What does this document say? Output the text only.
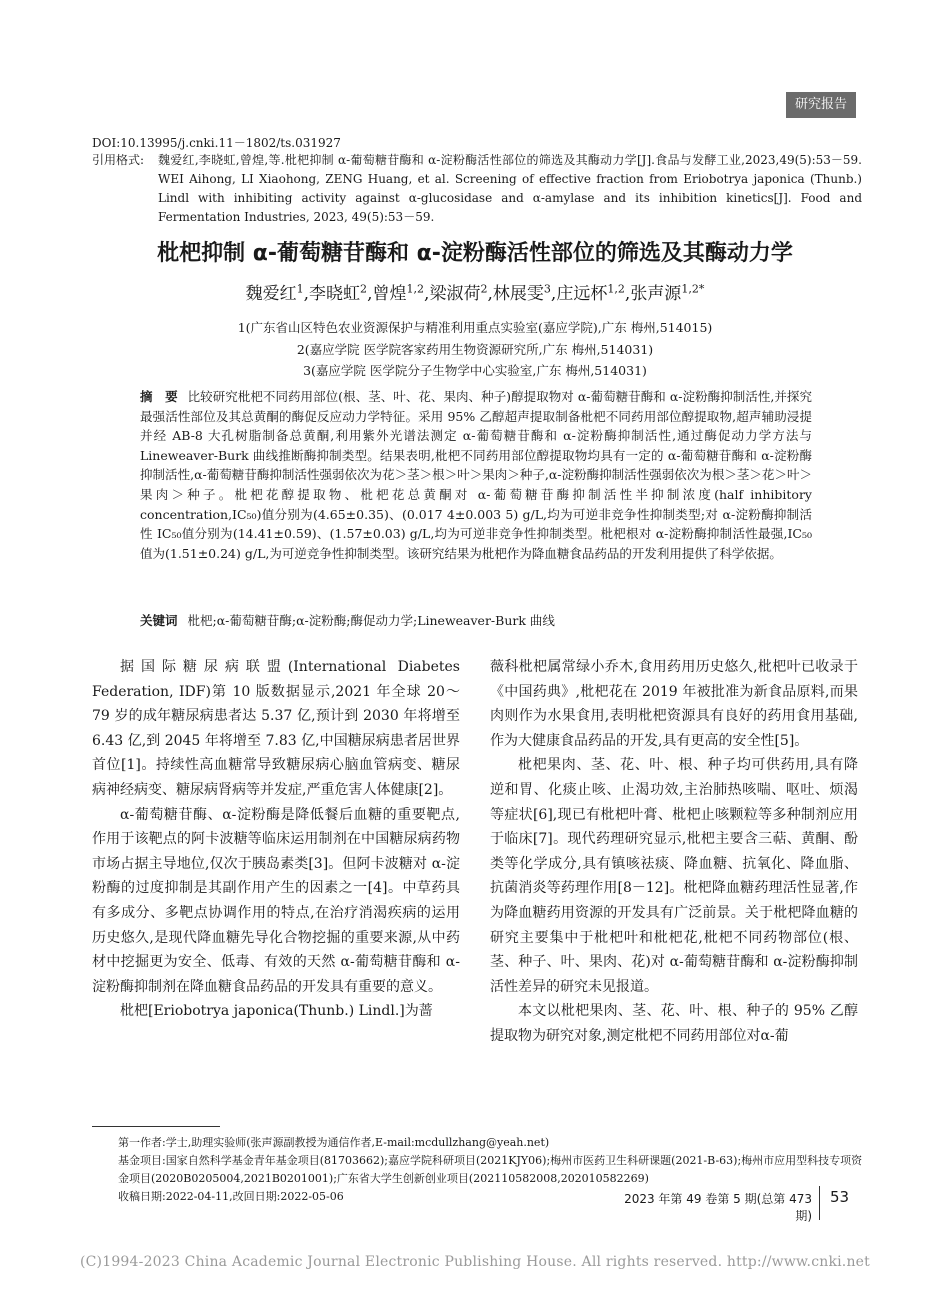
研究报告
DOI:10.13995/j.cnki.11－1802/ts.031927
引用格式: 魏爱红,李晓虹,曾煌,等.枇杷抑制 α-葡萄糖苷酶和 α-淀粉酶活性部位的筛选及其酶动力学[J].食品与发酵工业,2023,49(5):53－59. WEI Aihong, LI Xiaohong, ZENG Huang, et al. Screening of effective fraction from Eriobotrya japonica (Thunb.) Lindl with inhibiting activity against α-glucosidase and α-amylase and its inhibition kinetics[J]. Food and Fermentation Industries, 2023, 49(5):53－59.
枇杷抑制 α-葡萄糖苷酶和 α-淀粉酶活性部位的筛选及其酶动力学
魏爱红$^1$,李晓虹$^2$,曾煌$^{1,2}$,梁淑荷$^2$,林展雯$^3$,庄远杯$^{1,2}$,张声源$^{1,2*}$
1(广东省山区特色农业资源保护与精准利用重点实验室(嘉应学院),广东 梅州,514015)
2(嘉应学院 医学院客家药用生物资源研究所,广东 梅州,514031)
3(嘉应学院 医学院分子生物学中心实验室,广东 梅州,514031)
摘　要 比较研究枇杷不同药用部位(根、茎、叶、花、果肉、种子)醇提取物对 α-葡萄糖苷酶和 α-淀粉酶抑制活性,并探究最强活性部位及其总黄酮的酶促反应动力学特征。采用 95% 乙醇超声提取制备枇杷不同药用部位醇提取物,超声辅助浸提并经 AB-8 大孔树脂制备总黄酮,利用紫外光谱法测定 α-葡萄糖苷酶和 α-淀粉酶抑制活性,通过酶促动力学方法与 Lineweaver-Burk 曲线推断酶抑制类型。结果表明,枇杷不同药用部位醇提取物均具有一定的 α-葡萄糖苷酶和 α-淀粉酶抑制活性,α-葡萄糖苷酶抑制活性强弱依次为花＞茎＞根＞叶＞果肉＞种子,α-淀粉酶抑制活性强弱依次为根＞茎＞花＞叶＞果肉＞种子。枇杷花醇提取物、枇杷花总黄酮对 α-葡萄糖苷酶抑制活性半抑制浓度(half inhibitory concentration,IC₅₀)值分别为(4.65±0.35)、(0.017 4±0.003 5) g/L,均为可逆非竞争性抑制类型;对 α-淀粉酶抑制活性 IC₅₀值分别为(14.41±0.59)、(1.57±0.03) g/L,均为可逆非竞争性抑制类型。枇杷根对 α-淀粉酶抑制活性最强,IC₅₀值为(1.51±0.24) g/L,为可逆竞争性抑制类型。该研究结果为枇杷作为降血糖食品药品的开发利用提供了科学依据。
关键词 枇杷;α-葡萄糖苷酶;α-淀粉酶;酶促动力学;Lineweaver-Burk 曲线

据国际糖尿病联盟(International Diabetes Federation, IDF)第 10 版数据显示,2021 年全球 20～79 岁的成年糖尿病患者达 5.37 亿,预计到 2030 年将增至 6.43 亿,到 2045 年将增至 7.83 亿,中国糖尿病患者居世界首位[1]。持续性高血糖常导致糖尿病心脑血管病变、糖尿病神经病变、糖尿病肾病等并发症,严重危害人体健康[2]。

α-葡萄糖苷酶、α-淀粉酶是降低餐后血糖的重要靶点,作用于该靶点的阿卡波糖等临床运用制剂在中国糖尿病药物市场占据主导地位,仅次于胰岛素类[3]。但阿卡波糖对 α-淀粉酶的过度抑制是其副作用产生的因素之一[4]。中草药具有多成分、多靶点协调作用的特点,在治疗消渴疾病的运用历史悠久,是现代降血糖先导化合物挖掘的重要来源,从中药材中挖掘更为安全、低毒、有效的天然 α-葡萄糖苷酶和 α-淀粉酶抑制剂在降血糖食品药品的开发具有重要的意义。

枇杷[Eriobotrya japonica(Thunb.) Lindl.]为蔷

薇科枇杷属常绿小乔木,食用药用历史悠久,枇杷叶已收录于《中国药典》,枇杷花在 2019 年被批准为新食品原料,而果肉则作为水果食用,表明枇杷资源具有良好的药用食用基础,作为大健康食品药品的开发,具有更高的安全性[5]。

枇杷果肉、茎、花、叶、根、种子均可供药用,具有降逆和胃、化痰止咳、止渴功效,主治肺热咳喘、呕吐、烦渴等症状[6],现已有枇杷叶膏、枇杷止咳颗粒等多种制剂应用于临床[7]。现代药理研究显示,枇杷主要含三萜、黄酮、酚类等化学成分,具有镇咳祛痰、降血糖、抗氧化、降血脂、抗菌消炎等药理作用[8－12]。枇杷降血糖药理活性显著,作为降血糖药用资源的开发具有广泛前景。关于枇杷降血糖的研究主要集中于枇杷叶和枇杷花,枇杷不同药物部位(根、茎、种子、叶、果肉、花)对 α-葡萄糖苷酶和 α-淀粉酶抑制活性差异的研究未见报道。

本文以枇杷果肉、茎、花、叶、根、种子的 95% 乙醇提取物为研究对象,测定枇杷不同药用部位对α-葡

第一作者:学士,助理实验师(张声源副教授为通信作者,E-mail:mcdullzhang@yeah.net)
基金项目:国家自然科学基金青年基金项目(81703662);嘉应学院科研项目(2021KJY06);梅州市医药卫生科研课题(2021-B-63);梅州市应用型科技专项资金项目(2020B0205004,2021B0201001);广东省大学生创新创业项目(202110582008,202010582269)
收稿日期:2022-04-11,改回日期:2022-05-06	2023 年第 49 卷第 5 期(总第 473 期)
53
(C)1994-2023 China Academic Journal Electronic Publishing House. All rights reserved. http://www.cnki.net
